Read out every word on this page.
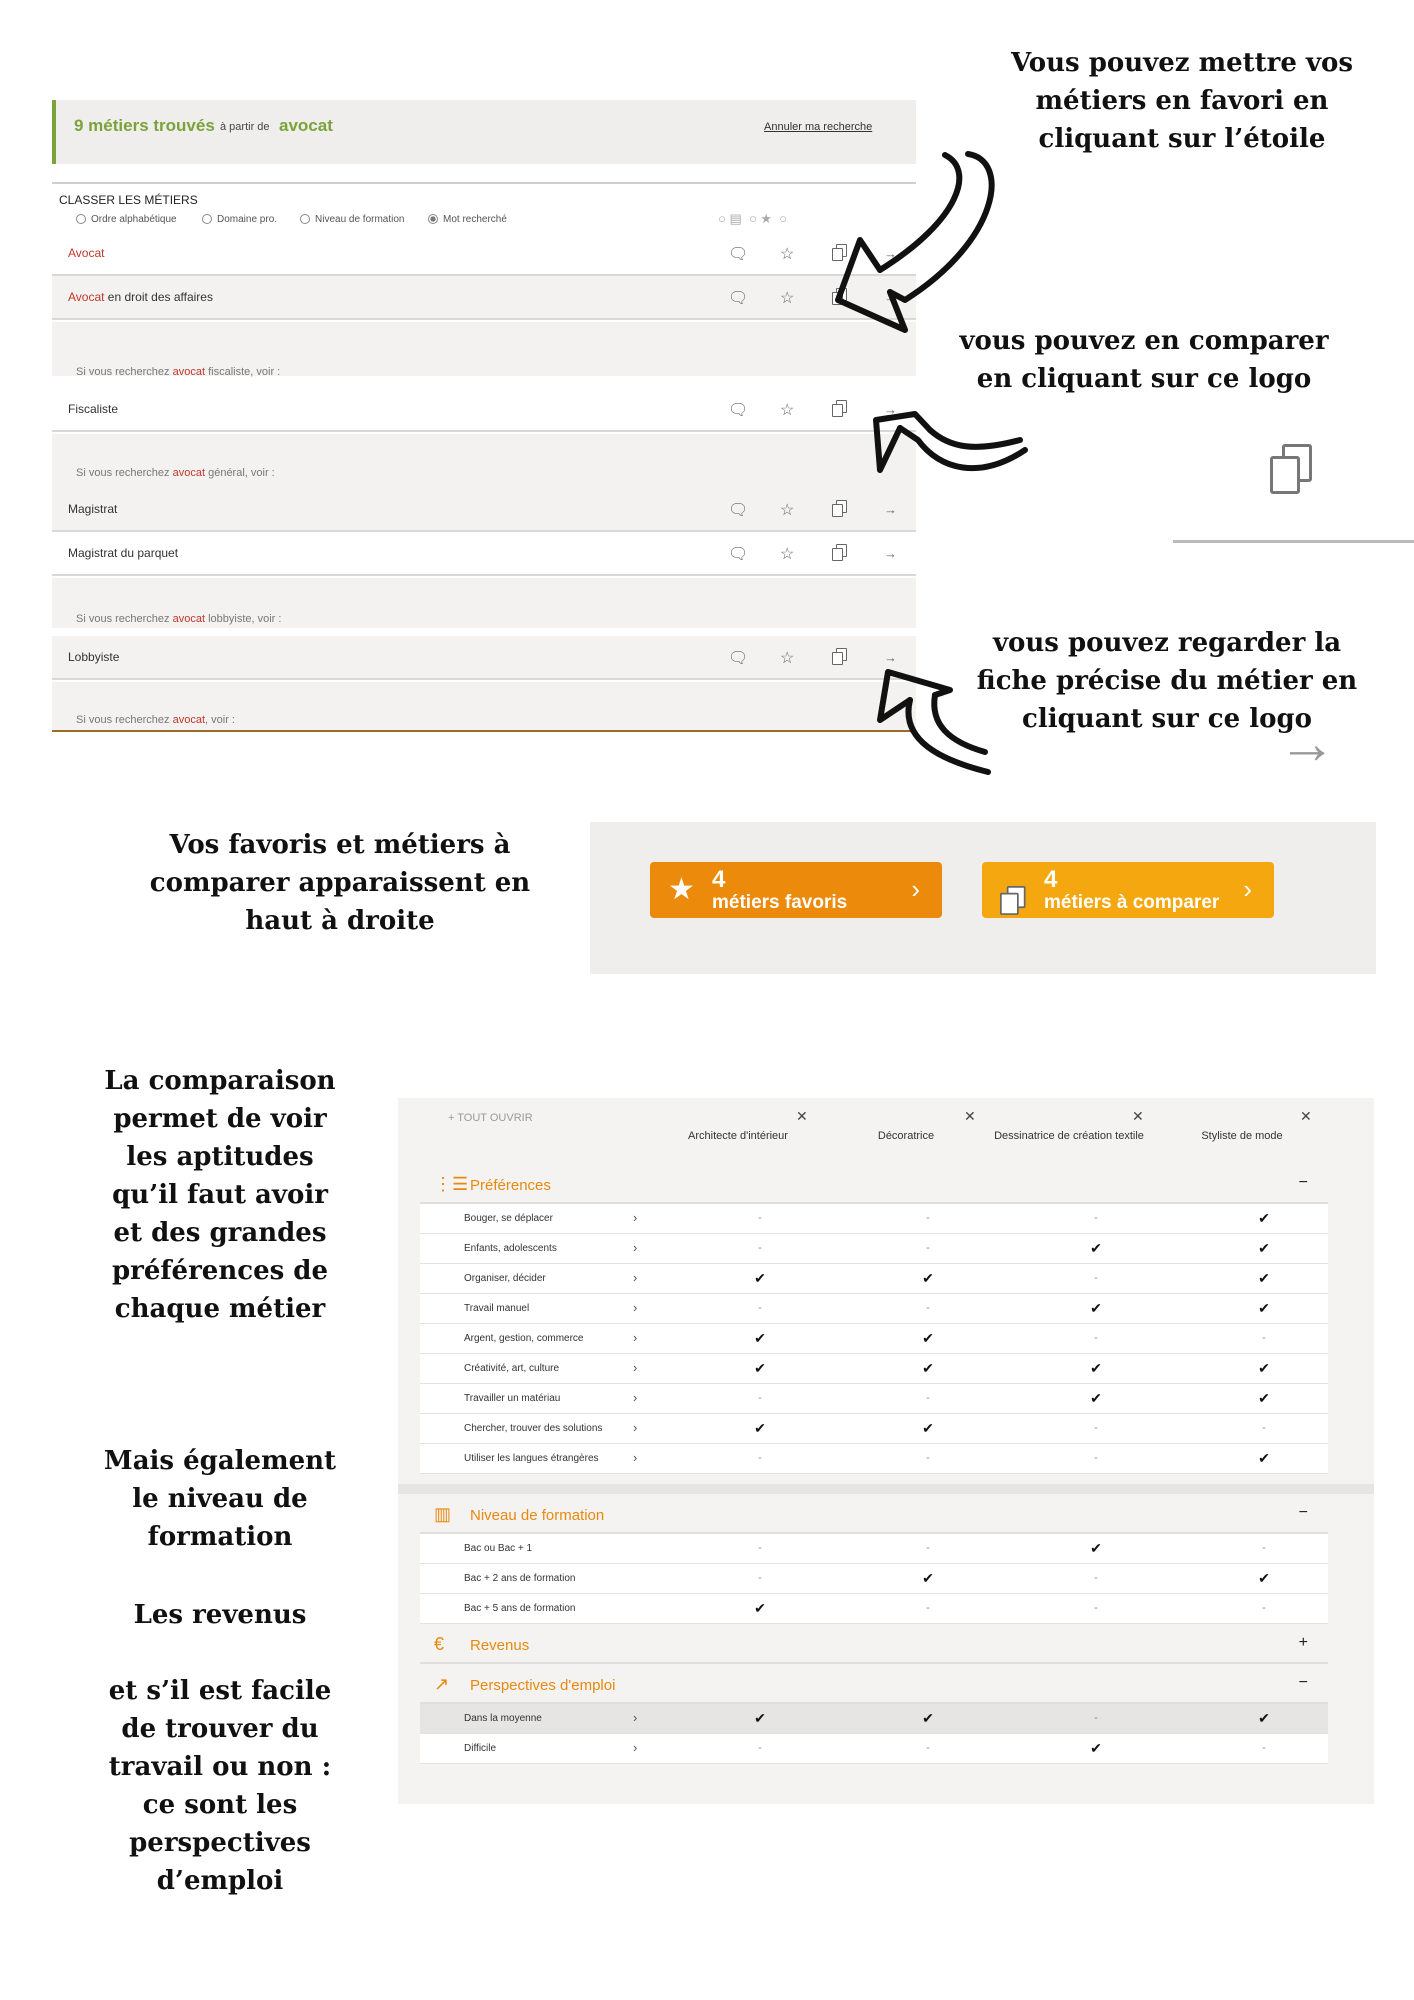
Vous pouvez mettre vos métiers en favori en cliquant sur l’étoile
vous pouvez en comparer en cliquant sur ce logo
vous pouvez regarder la fiche précise du métier en cliquant sur ce logo
Vos favoris et métiers à comparer apparaissent en haut à droite
La comparaison permet de voir les aptitudes qu’il faut avoir et des grandes préférences de chaque métier
Mais également le niveau de formation
Les revenus
et s’il est facile de trouver du travail ou non : ce sont les perspectives d’emploi
9 métiers trouvés à partir de avocat	Annuler ma recherche
CLASSER LES MÉTIERS
Ordre alphabétique	Domaine pro.	Niveau de formation	Mot recherché	○ ▤  ○ ★  ○
Avocat	🗨 ☆	→
Avocat en droit des affaires	🗨 ☆	→
Si vous recherchez avocat fiscaliste, voir :
Fiscaliste	🗨 ☆	→
Si vous recherchez avocat général, voir :
Magistrat	🗨 ☆	→
Magistrat du parquet	🗨 ☆	→
Si vous recherchez avocat lobbyiste, voir :
Lobbyiste	🗨 ☆	→
Si vous recherchez avocat, voir :	→
★ 4
métiers favoris ›	4
métiers à comparer ›
+ TOUT OUVRIR	✕	✕	✕	✕
Architecte d'intérieur	Décoratrice	Dessinatrice de création textile	Styliste de mode
⋮☰ Préférences	−
Bouger, se déplacer	›	-	-	-	✔
Enfants, adolescents	›	-	-	✔	✔
Organiser, décider	›	✔	✔	-	✔
Travail manuel	›	-	-	✔	✔
Argent, gestion, commerce	›	✔	✔	-	-
Créativité, art, culture	›	✔	✔	✔	✔
Travailler un matériau	›	-	-	✔	✔
Chercher, trouver des solutions ›	✔	✔	-	-
Utiliser les langues étrangères	›	-	-	-	✔
▥ Niveau de formation	−
Bac ou Bac + 1	-	-	✔	-
Bac + 2 ans de formation	-	✔	-	✔
Bac + 5 ans de formation	✔	-	-	-
€ Revenus	+
↗ Perspectives d'emploi	−
Dans la moyenne	›	✔	✔	-	✔
Difficile	›	-	-	✔	-
